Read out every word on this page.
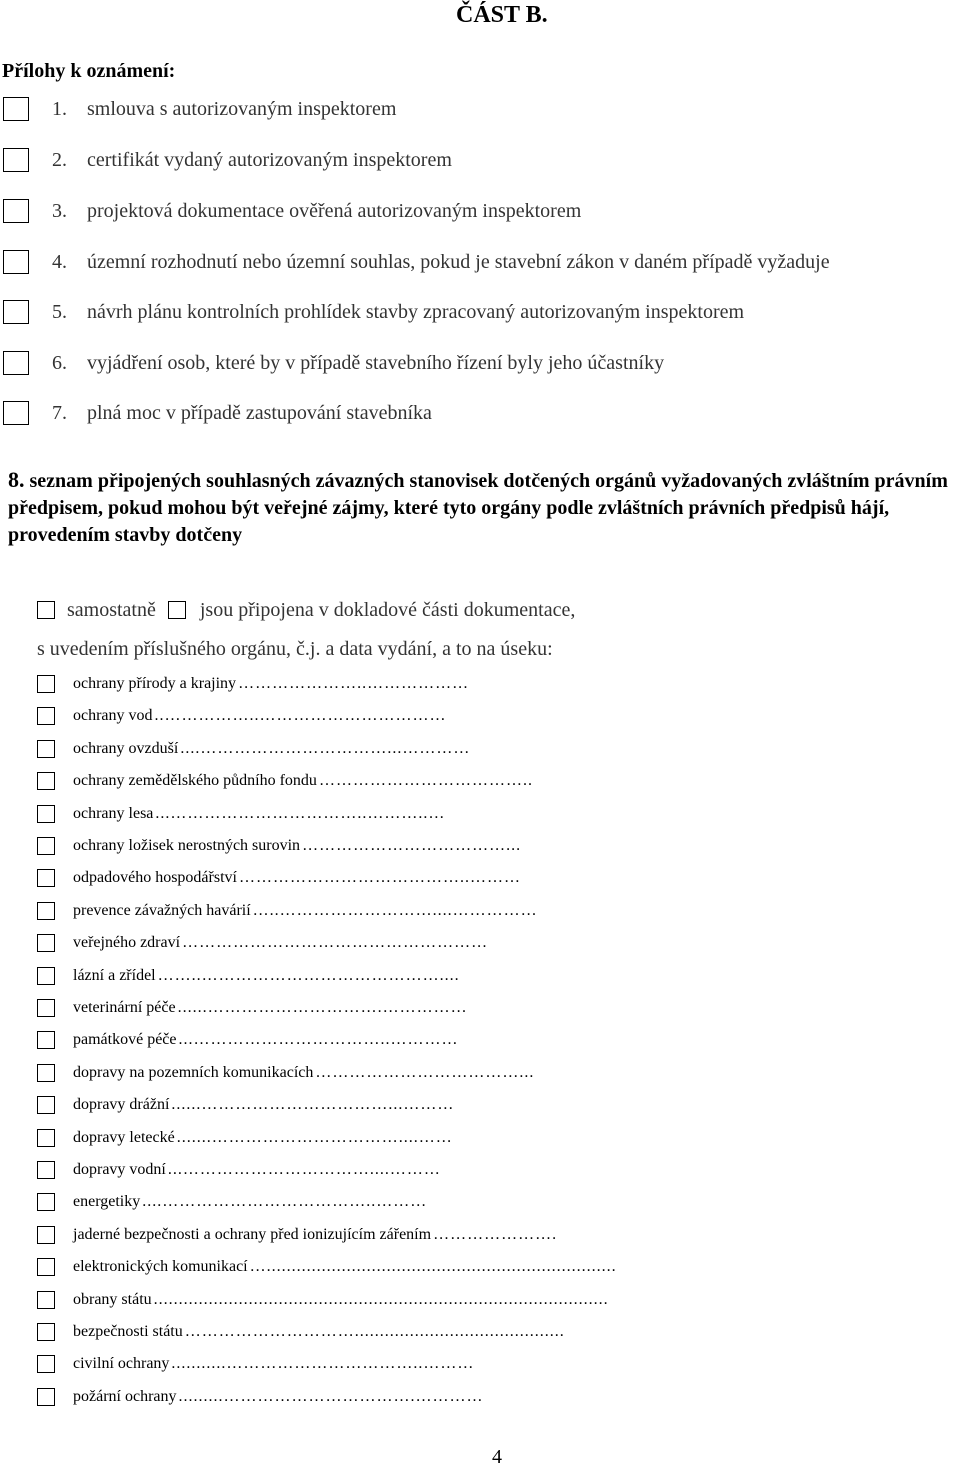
ČÁST B.
Přílohy k oznámení:
1. smlouva s autorizovaným inspektorem
2. certifikát vydaný autorizovaným inspektorem
3. projektová dokumentace ověřená autorizovaným inspektorem
4. územní rozhodnutí nebo územní souhlas, pokud je stavební zákon v daném případě vyžaduje
5. návrh plánu kontrolních prohlídek stavby zpracovaný autorizovaným inspektorem
6. vyjádření osob, které by v případě stavebního řízení byly jeho účastníky
7. plná moc v případě zastupování stavebníka
8. seznam připojených souhlasných závazných stanovisek dotčených orgánů vyžadovaných zvláštním právním předpisem, pokud mohou být veřejné zájmy, které tyto orgány podle zvláštních právních předpisů hájí, provedením stavby dotčeny
samostatně jsou připojena v dokladové části dokumentace,
s uvedením příslušného orgánu, č.j. a data vydání, a to na úseku:
ochrany přírody a krajiny …………………..………………
ochrany vod ..……………..……………………………
ochrany ovzduší ....……………………………...…………
ochrany zemědělského půdního fondu ………………………………..
ochrany lesa ...……………………………..………..…
ochrany ložisek nerostných surovin ………………………………...
odpadového hospodářství …………………………………..………
prevence závažných havárií …..………………………....……………
veřejného zdraví ………………………………………………
lázní a zřídel ……..……………………………………....
veterinární péče ......………………………….……………
památkové péče ...……………………………..…………
dopravy na pozemních komunikacích ………………………………...
dopravy drážní ......……………………………...………
dopravy letecké .......……………………………....……
dopravy vodní ...……………………………....………
energetiky ....………………………………..………
jaderné bezpečnosti a ochrany před ionizujícím zářením ………………….
elektronických komunikací …......................................................................
obrany státu ...........................................................................................
bezpečnosti státu …………………………..........................................
civilní ochrany ...........……………………………..………
požární ochrany .........…………………………….…………
4
